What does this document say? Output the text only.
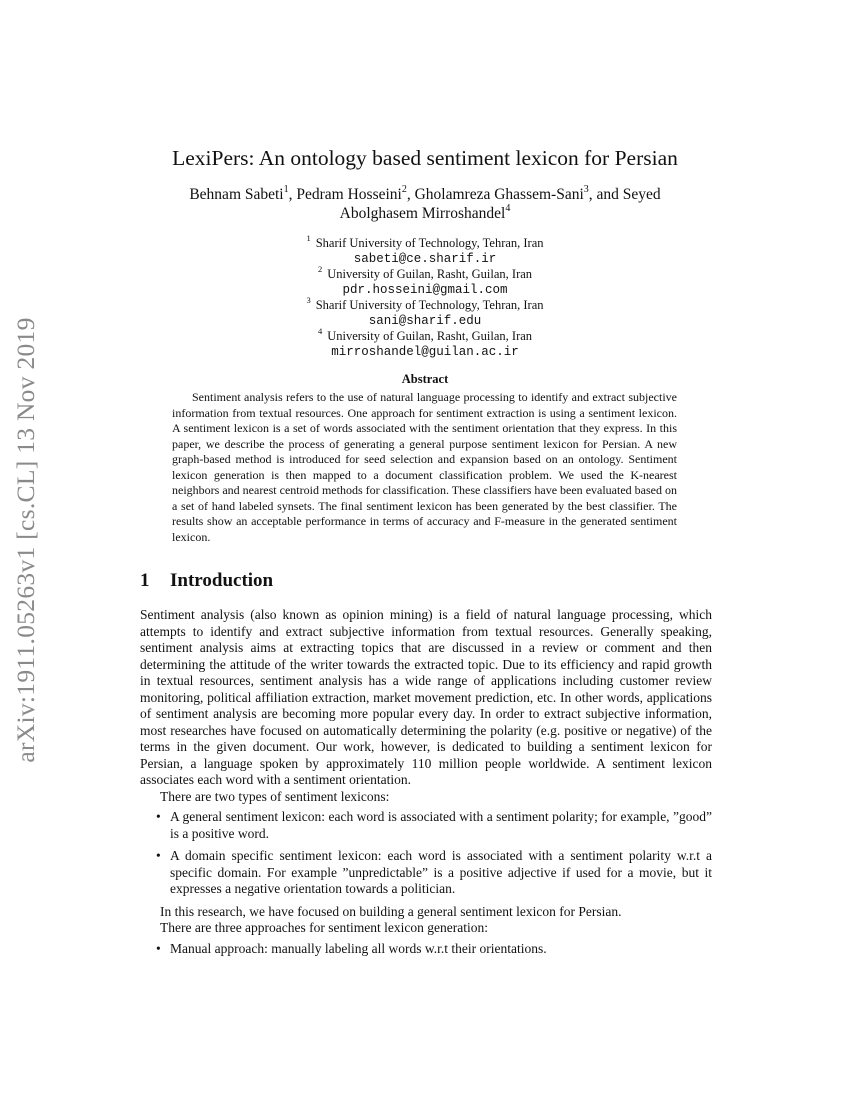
arXiv:1911.05263v1 [cs.CL] 13 Nov 2019
LexiPers: An ontology based sentiment lexicon for Persian
Behnam Sabeti$^1$, Pedram Hosseini$^2$, Gholamreza Ghassem-Sani$^3$, and Seyed Abolghasem Mirroshandel$^4$
$^1$ Sharif University of Technology, Tehran, Iran
sabeti@ce.sharif.ir
$^2$ University of Guilan, Rasht, Guilan, Iran
pdr.hosseini@gmail.com
$^3$ Sharif University of Technology, Tehran, Iran
sani@sharif.edu
$^4$ University of Guilan, Rasht, Guilan, Iran
mirroshandel@guilan.ac.ir
Abstract

Sentiment analysis refers to the use of natural language processing to identify and extract subjective information from textual resources. One approach for sentiment extraction is using a sentiment lexicon. A sentiment lexicon is a set of words associated with the sentiment orientation that they express. In this paper, we describe the process of generating a general purpose sentiment lexicon for Persian. A new graph-based method is introduced for seed selection and expansion based on an ontology. Sentiment lexicon generation is then mapped to a document classification problem. We used the K-nearest neighbors and nearest centroid methods for classification. These classifiers have been evaluated based on a set of hand labeled synsets. The final sentiment lexicon has been generated by the best classifier. The results show an acceptable performance in terms of accuracy and F-measure in the generated sentiment lexicon.

1 Introduction

Sentiment analysis (also known as opinion mining) is a field of natural language processing, which attempts to identify and extract subjective information from textual resources. Generally speaking, sentiment analysis aims at extracting topics that are discussed in a review or comment and then determining the attitude of the writer towards the extracted topic. Due to its efficiency and rapid growth in textual resources, sentiment analysis has a wide range of applications including customer review monitoring, political affiliation extraction, market movement prediction, etc. In other words, applications of sentiment analysis are becoming more popular every day. In order to extract subjective information, most researches have focused on automatically determining the polarity (e.g. positive or negative) of the terms in the given document. Our work, however, is dedicated to building a sentiment lexicon for Persian, a language spoken by approximately 110 million people worldwide. A sentiment lexicon associates each word with a sentiment orientation.

There are two types of sentiment lexicons:

• A general sentiment lexicon: each word is associated with a sentiment polarity; for example, ”good” is a positive word.
• A domain specific sentiment lexicon: each word is associated with a sentiment polarity w.r.t a specific domain. For example ”unpredictable” is a positive adjective if used for a movie, but it expresses a negative orientation towards a politician.

In this research, we have focused on building a general sentiment lexicon for Persian.

There are three approaches for sentiment lexicon generation:

• Manual approach: manually labeling all words w.r.t their orientations.
